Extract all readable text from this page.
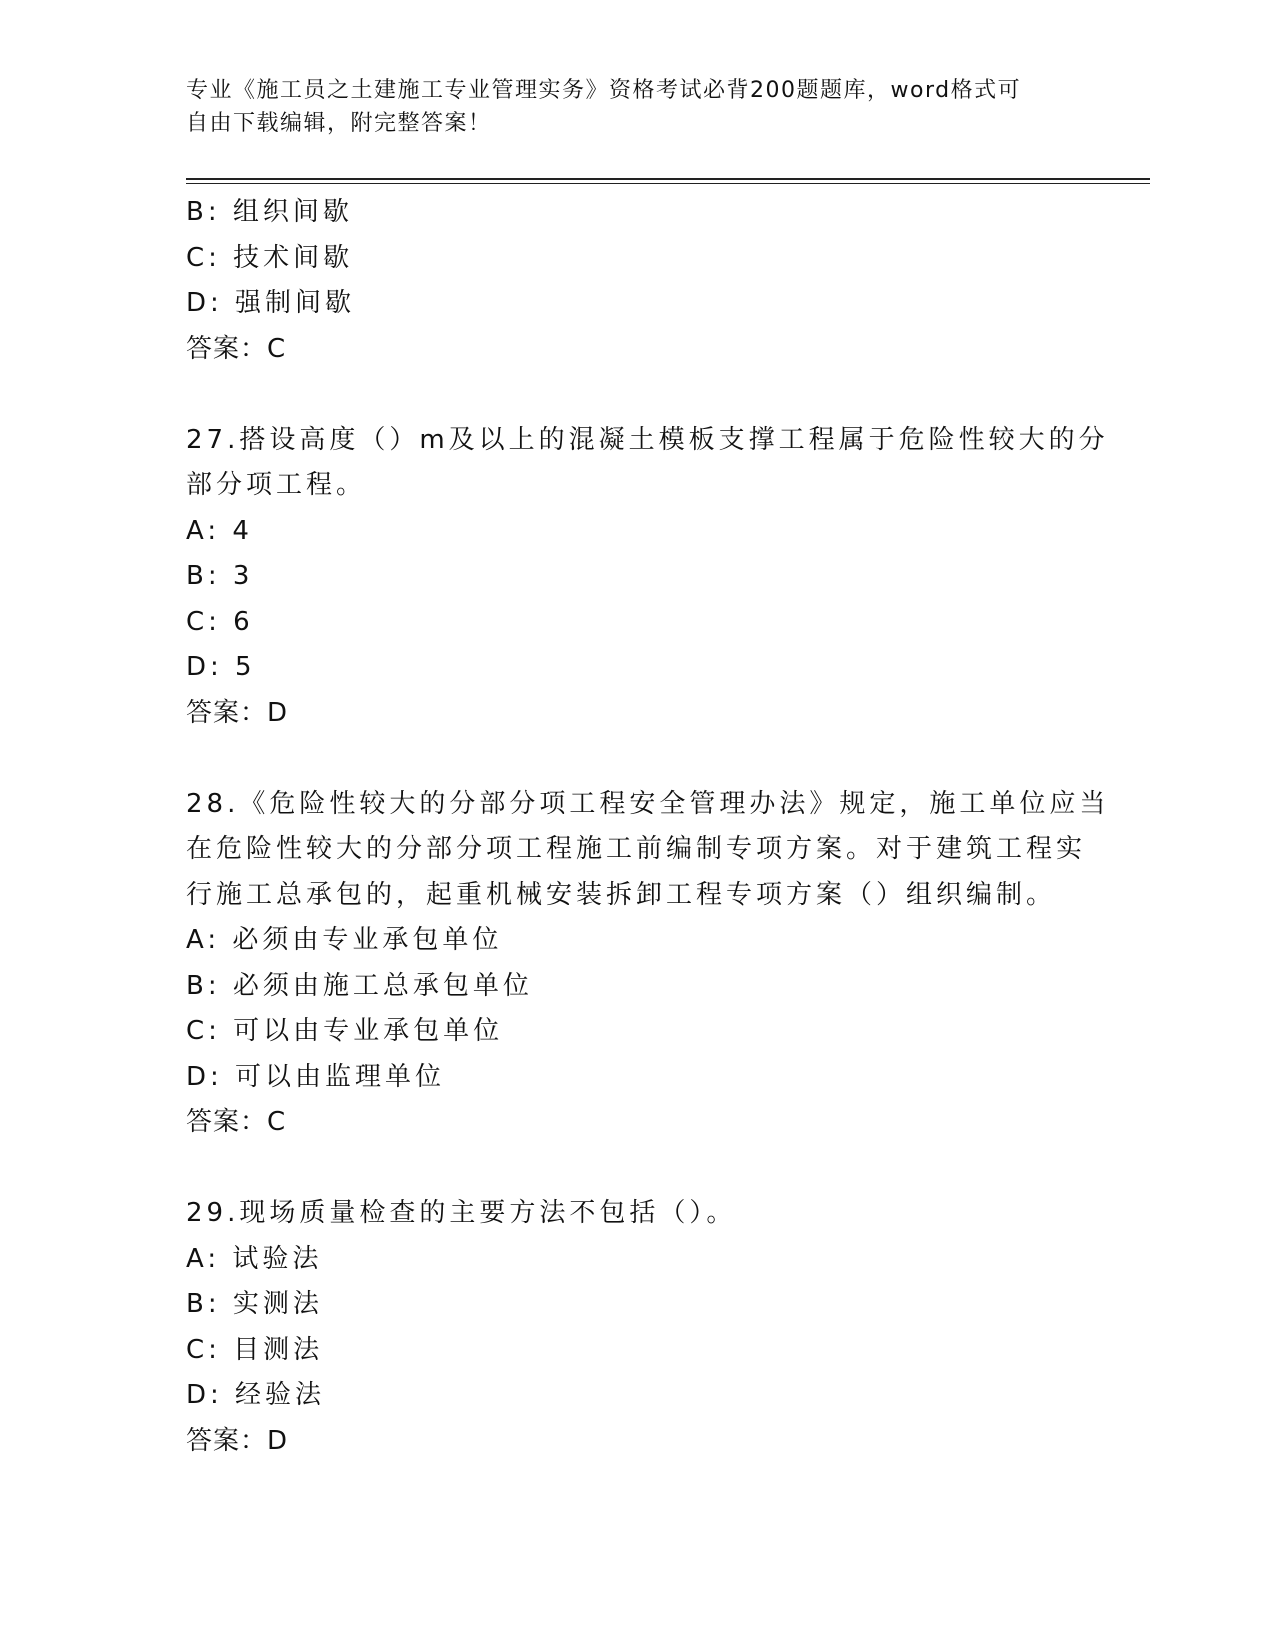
专业《施工员之土建施工专业管理实务》资格考试必背200题题库，word格式可
自由下载编辑，附完整答案！
B: 组织间歇
C: 技术间歇
D: 强制间歇
答案：C
27.搭设高度（）m及以上的混凝土模板支撑工程属于危险性较大的分
部分项工程。
A: 4
B: 3
C: 6
D: 5
答案：D
28.《危险性较大的分部分项工程安全管理办法》规定，施工单位应当
在危险性较大的分部分项工程施工前编制专项方案。对于建筑工程实
行施工总承包的，起重机械安装拆卸工程专项方案（）组织编制。
A: 必须由专业承包单位
B: 必须由施工总承包单位
C: 可以由专业承包单位
D: 可以由监理单位
答案：C
29.现场质量检查的主要方法不包括（）。
A: 试验法
B: 实测法
C: 目测法
D: 经验法
答案：D
